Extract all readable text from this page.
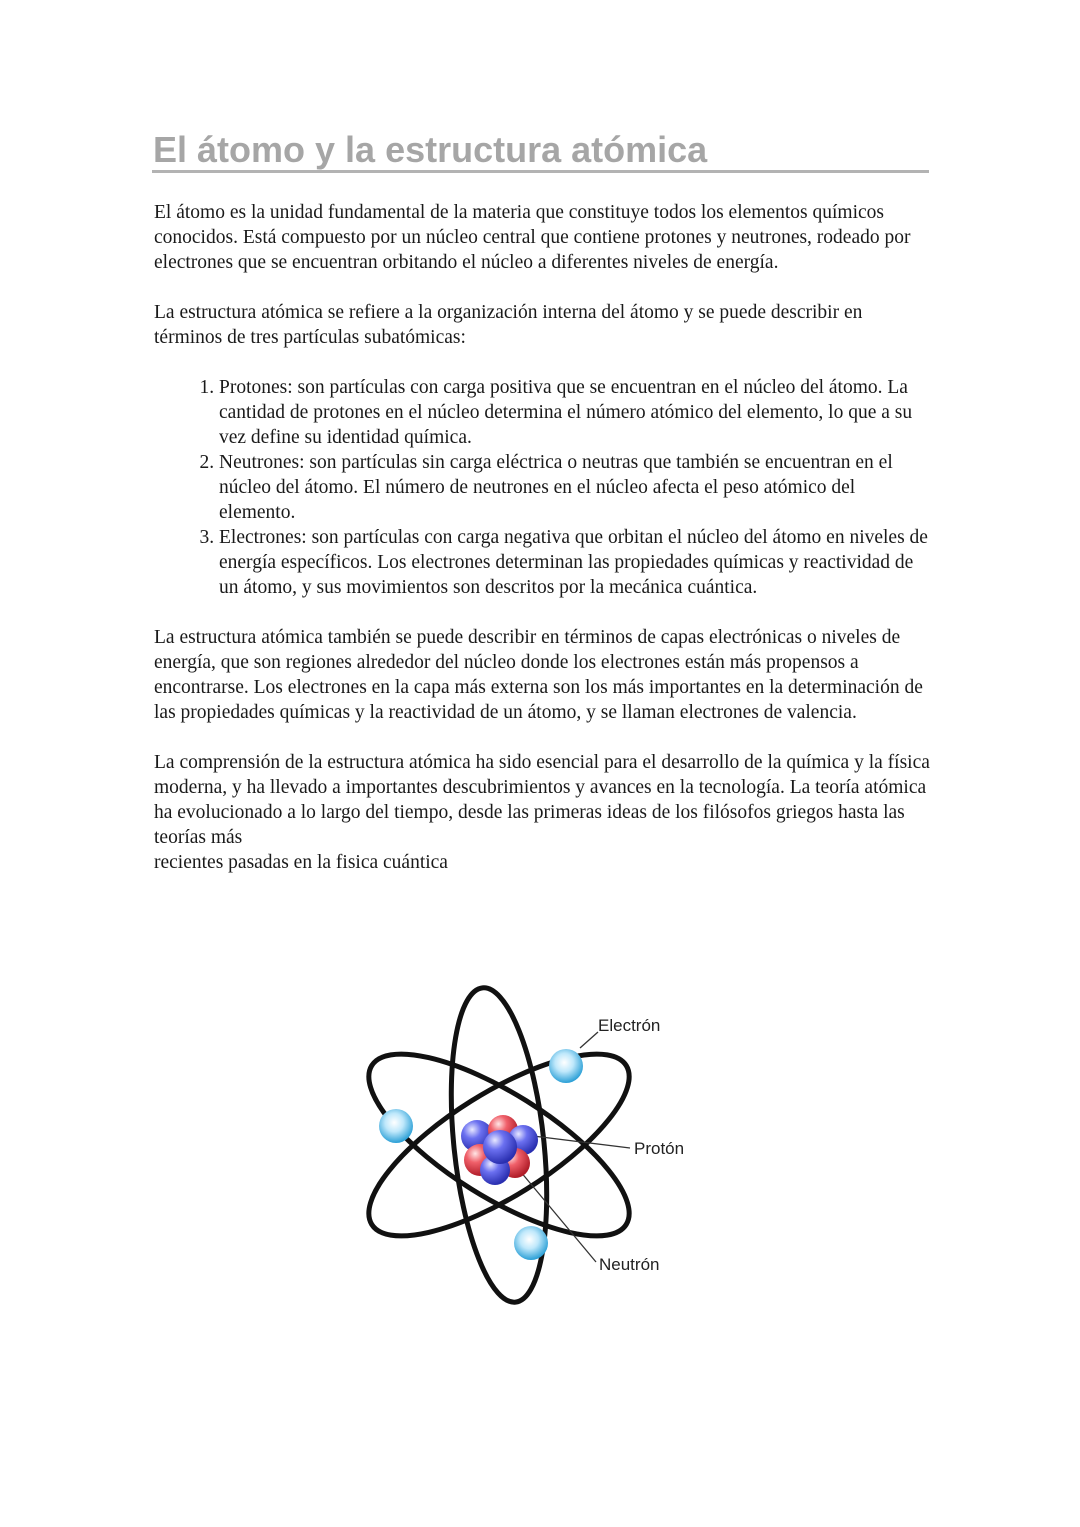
El átomo y la estructura atómica

El átomo es la unidad fundamental de la materia que constituye todos los elementos químicos conocidos. Está compuesto por un núcleo central que contiene protones y neutrones, rodeado por electrones que se encuentran orbitando el núcleo a diferentes niveles de energía.

La estructura atómica se refiere a la organización interna del átomo y se puede describir en términos de tres partículas subatómicas:

1. Protones: son partículas con carga positiva que se encuentran en el núcleo del átomo. La cantidad de protones en el núcleo determina el número atómico del elemento, lo que a su vez define su identidad química.
2. Neutrones: son partículas sin carga eléctrica o neutras que también se encuentran en el núcleo del átomo. El número de neutrones en el núcleo afecta el peso atómico del elemento.
3. Electrones: son partículas con carga negativa que orbitan el núcleo del átomo en niveles de energía específicos. Los electrones determinan las propiedades químicas y reactividad de un átomo, y sus movimientos son descritos por la mecánica cuántica.

La estructura atómica también se puede describir en términos de capas electrónicas o niveles de energía, que son regiones alrededor del núcleo donde los electrones están más propensos a encontrarse. Los electrones en la capa más externa son los más importantes en la determinación de las propiedades químicas y la reactividad de un átomo, y se llaman electrones de valencia.

La comprensión de la estructura atómica ha sido esencial para el desarrollo de la química y la física moderna, y ha llevado a importantes descubrimientos y avances en la tecnología. La teoría atómica ha evolucionado a lo largo del tiempo, desde las primeras ideas de los filósofos griegos hasta las teorías más
recientes pasadas en la fisica cuántica

Electrón
Protón
Neutrón
